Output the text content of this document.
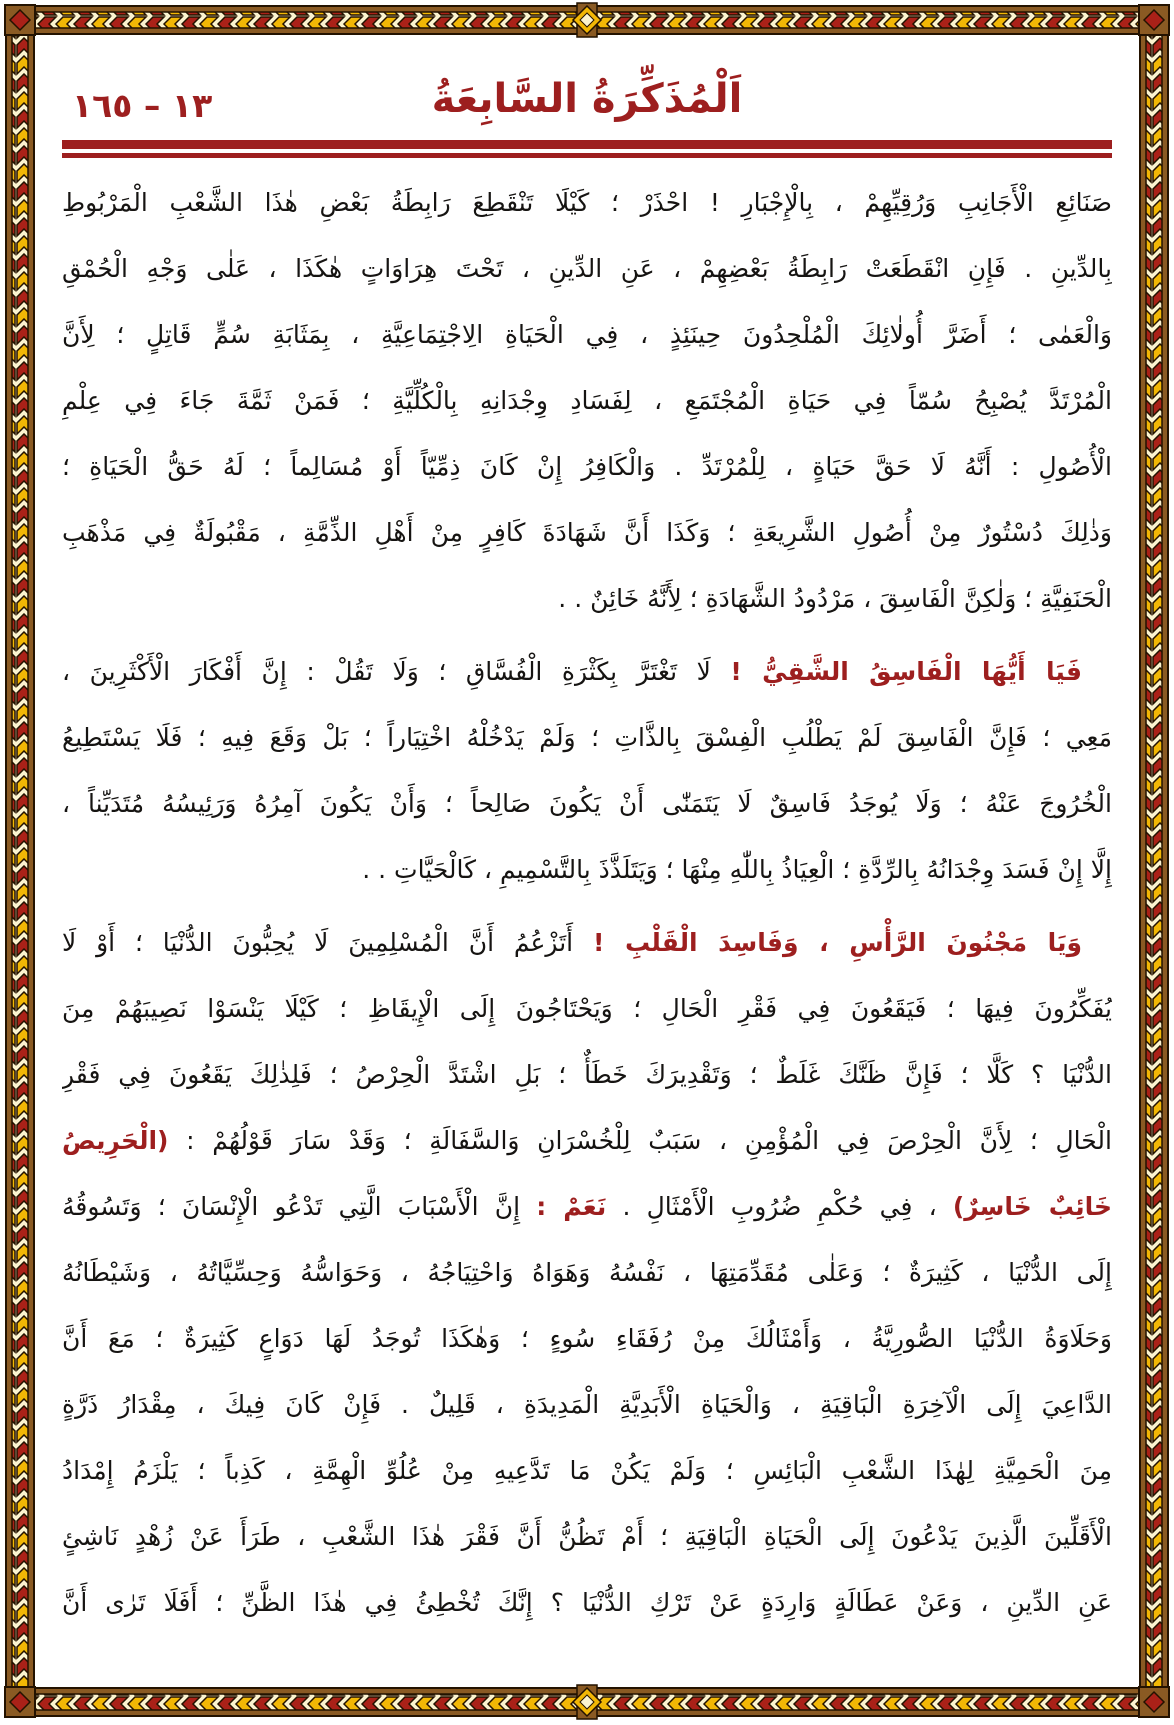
١٣ – ١٦٥	اَلْمُذَكِّرَةُ السَّابِعَةُ
صَنَائِعِ الْأَجَانِبِ وَرُقِيِّهِمْ ، بِالْإِجْبَارِ ! احْذَرْ ؛ كَيْلَا تَنْقَطِعَ رَابِطَةُ بَعْضِ هٰذَا الشَّعْبِ الْمَرْبُوطِ
بِالدِّينِ . فَإِنِ انْقَطَعَتْ رَابِطَةُ بَعْضِهِمْ ، عَنِ الدِّينِ ، تَحْتَ هِرَاوَاتٍ هٰكَذَا ، عَلٰى وَجْهِ الْحُمْقِ
وَالْعَمٰى ؛ أَضَرَّ أُولٰائِكَ الْمُلْحِدُونَ حِينَئِذٍ ، فِي الْحَيَاةِ الِاجْتِمَاعِيَّةِ ، بِمَثَابَةِ سُمٍّ قَاتِلٍ ؛ لِأَنَّ
الْمُرْتَدَّ يُصْبِحُ سُمّاً فِي حَيَاةِ الْمُجْتَمَعِ ، لِفَسَادِ وِجْدَانِهِ بِالْكُلِّيَّةِ ؛ فَمَنْ ثَمَّةَ جَاءَ فِي عِلْمِ
الْأُصُولِ : أَنَّهُ لَا حَقَّ حَيَاةٍ ، لِلْمُرْتَدِّ . وَالْكَافِرُ إِنْ كَانَ ذِمِّيّاً أَوْ مُسَالِماً ؛ لَهُ حَقُّ الْحَيَاةِ ؛
وَذٰلِكَ دُسْتُورٌ مِنْ أُصُولِ الشَّرِيعَةِ ؛ وَكَذَا أَنَّ شَهَادَةَ كَافِرٍ مِنْ أَهْلِ الذِّمَّةِ ، مَقْبُولَةٌ فِي مَذْهَبِ
الْحَنَفِيَّةِ ؛ وَلٰكِنَّ الْفَاسِقَ ، مَرْدُودُ الشَّهَادَةِ ؛ لِأَنَّهُ خَائِنٌ . .
فَيَا أَيُّهَا الْفَاسِقُ الشَّقِيُّ ! لَا تَغْتَرَّ بِكَثْرَةِ الْفُسَّاقِ ؛ وَلَا تَقُلْ : إِنَّ أَفْكَارَ الْأَكْثَرِينَ ،
مَعِي ؛ فَإِنَّ الْفَاسِقَ لَمْ يَطْلُبِ الْفِسْقَ بِالذَّاتِ ؛ وَلَمْ يَدْخُلْهُ اخْتِيَاراً ؛ بَلْ وَقَعَ فِيهِ ؛ فَلَا يَسْتَطِيعُ
الْخُرُوجَ عَنْهُ ؛ وَلَا يُوجَدُ فَاسِقٌ لَا يَتَمَنّٰى أَنْ يَكُونَ صَالِحاً ؛ وَأَنْ يَكُونَ آمِرُهُ وَرَئِيسُهُ مُتَدَيِّناً ،
إِلَّا إِنْ فَسَدَ وِجْدَانُهُ بِالرِّدَّةِ ؛ الْعِيَاذُ بِاللّٰهِ مِنْهَا ؛ وَيَتَلَذَّذَ بِالتَّسْمِيمِ ، كَالْحَيَّاتِ . .
وَيَا مَجْنُونَ الرَّأْسِ ، وَفَاسِدَ الْقَلْبِ ! أَتَزْعُمُ أَنَّ الْمُسْلِمِينَ لَا يُحِبُّونَ الدُّنْيَا ؛ أَوْ لَا
يُفَكِّرُونَ فِيهَا ؛ فَيَقَعُونَ فِي فَقْرِ الْحَالِ ؛ وَيَحْتَاجُونَ إِلَى الْإِيقَاظِ ؛ كَيْلَا يَنْسَوْا نَصِيبَهُمْ مِنَ
الدُّنْيَا ؟ كَلَّا ؛ فَإِنَّ ظَنَّكَ غَلَطٌ ؛ وَتَقْدِيرَكَ خَطَأٌ ؛ بَلِ اشْتَدَّ الْحِرْصُ ؛ فَلِذٰلِكَ يَقَعُونَ فِي فَقْرِ
الْحَالِ ؛ لِأَنَّ الْحِرْصَ فِي الْمُؤْمِنِ ، سَبَبٌ لِلْخُسْرَانِ وَالسَّفَالَةِ ؛ وَقَدْ سَارَ قَوْلُهُمْ : (الْحَرِيصُ
خَائِبٌ خَاسِرٌ) ، فِي حُكْمِ ضُرُوبِ الْأَمْثَالِ . نَعَمْ : إِنَّ الْأَسْبَابَ الَّتِي تَدْعُو الْإِنْسَانَ ؛ وَتَسُوقُهُ
إِلَى الدُّنْيَا ، كَثِيرَةٌ ؛ وَعَلٰى مُقَدِّمَتِهَا ، نَفْسُهُ وَهَوَاهُ وَاحْتِيَاجُهُ ، وَحَوَاسُّهُ وَحِسِّيَّاتُهُ ، وَشَيْطَانُهُ
وَحَلَاوَةُ الدُّنْيَا الصُّورِيَّةُ ، وَأَمْثَالُكَ مِنْ رُفَقَاءِ سُوءٍ ؛ وَهٰكَذَا تُوجَدُ لَهَا دَوَاعٍ كَثِيرَةٌ ؛ مَعَ أَنَّ
الدَّاعِيَ إِلَى الْآخِرَةِ الْبَاقِيَةِ ، وَالْحَيَاةِ الْأَبَدِيَّةِ الْمَدِيدَةِ ، قَلِيلٌ . فَإِنْ كَانَ فِيكَ ، مِقْدَارُ ذَرَّةٍ
مِنَ الْحَمِيَّةِ لِهٰذَا الشَّعْبِ الْبَائِسِ ؛ وَلَمْ يَكُنْ مَا تَدَّعِيهِ مِنْ عُلُوِّ الْهِمَّةِ ، كَذِباً ؛ يَلْزَمُ إِمْدَادُ
الْأَقَلِّينَ الَّذِينَ يَدْعُونَ إِلَى الْحَيَاةِ الْبَاقِيَةِ ؛ أَمْ تَظُنُّ أَنَّ فَقْرَ هٰذَا الشَّعْبِ ، طَرَأَ عَنْ زُهْدٍ نَاشِئٍ
عَنِ الدِّينِ ، وَعَنْ عَطَالَةٍ وَارِدَةٍ عَنْ تَرْكِ الدُّنْيَا ؟ إِنَّكَ تُخْطِئُ فِي هٰذَا الظَّنِّ ؛ أَفَلَا تَرٰى أَنَّ
